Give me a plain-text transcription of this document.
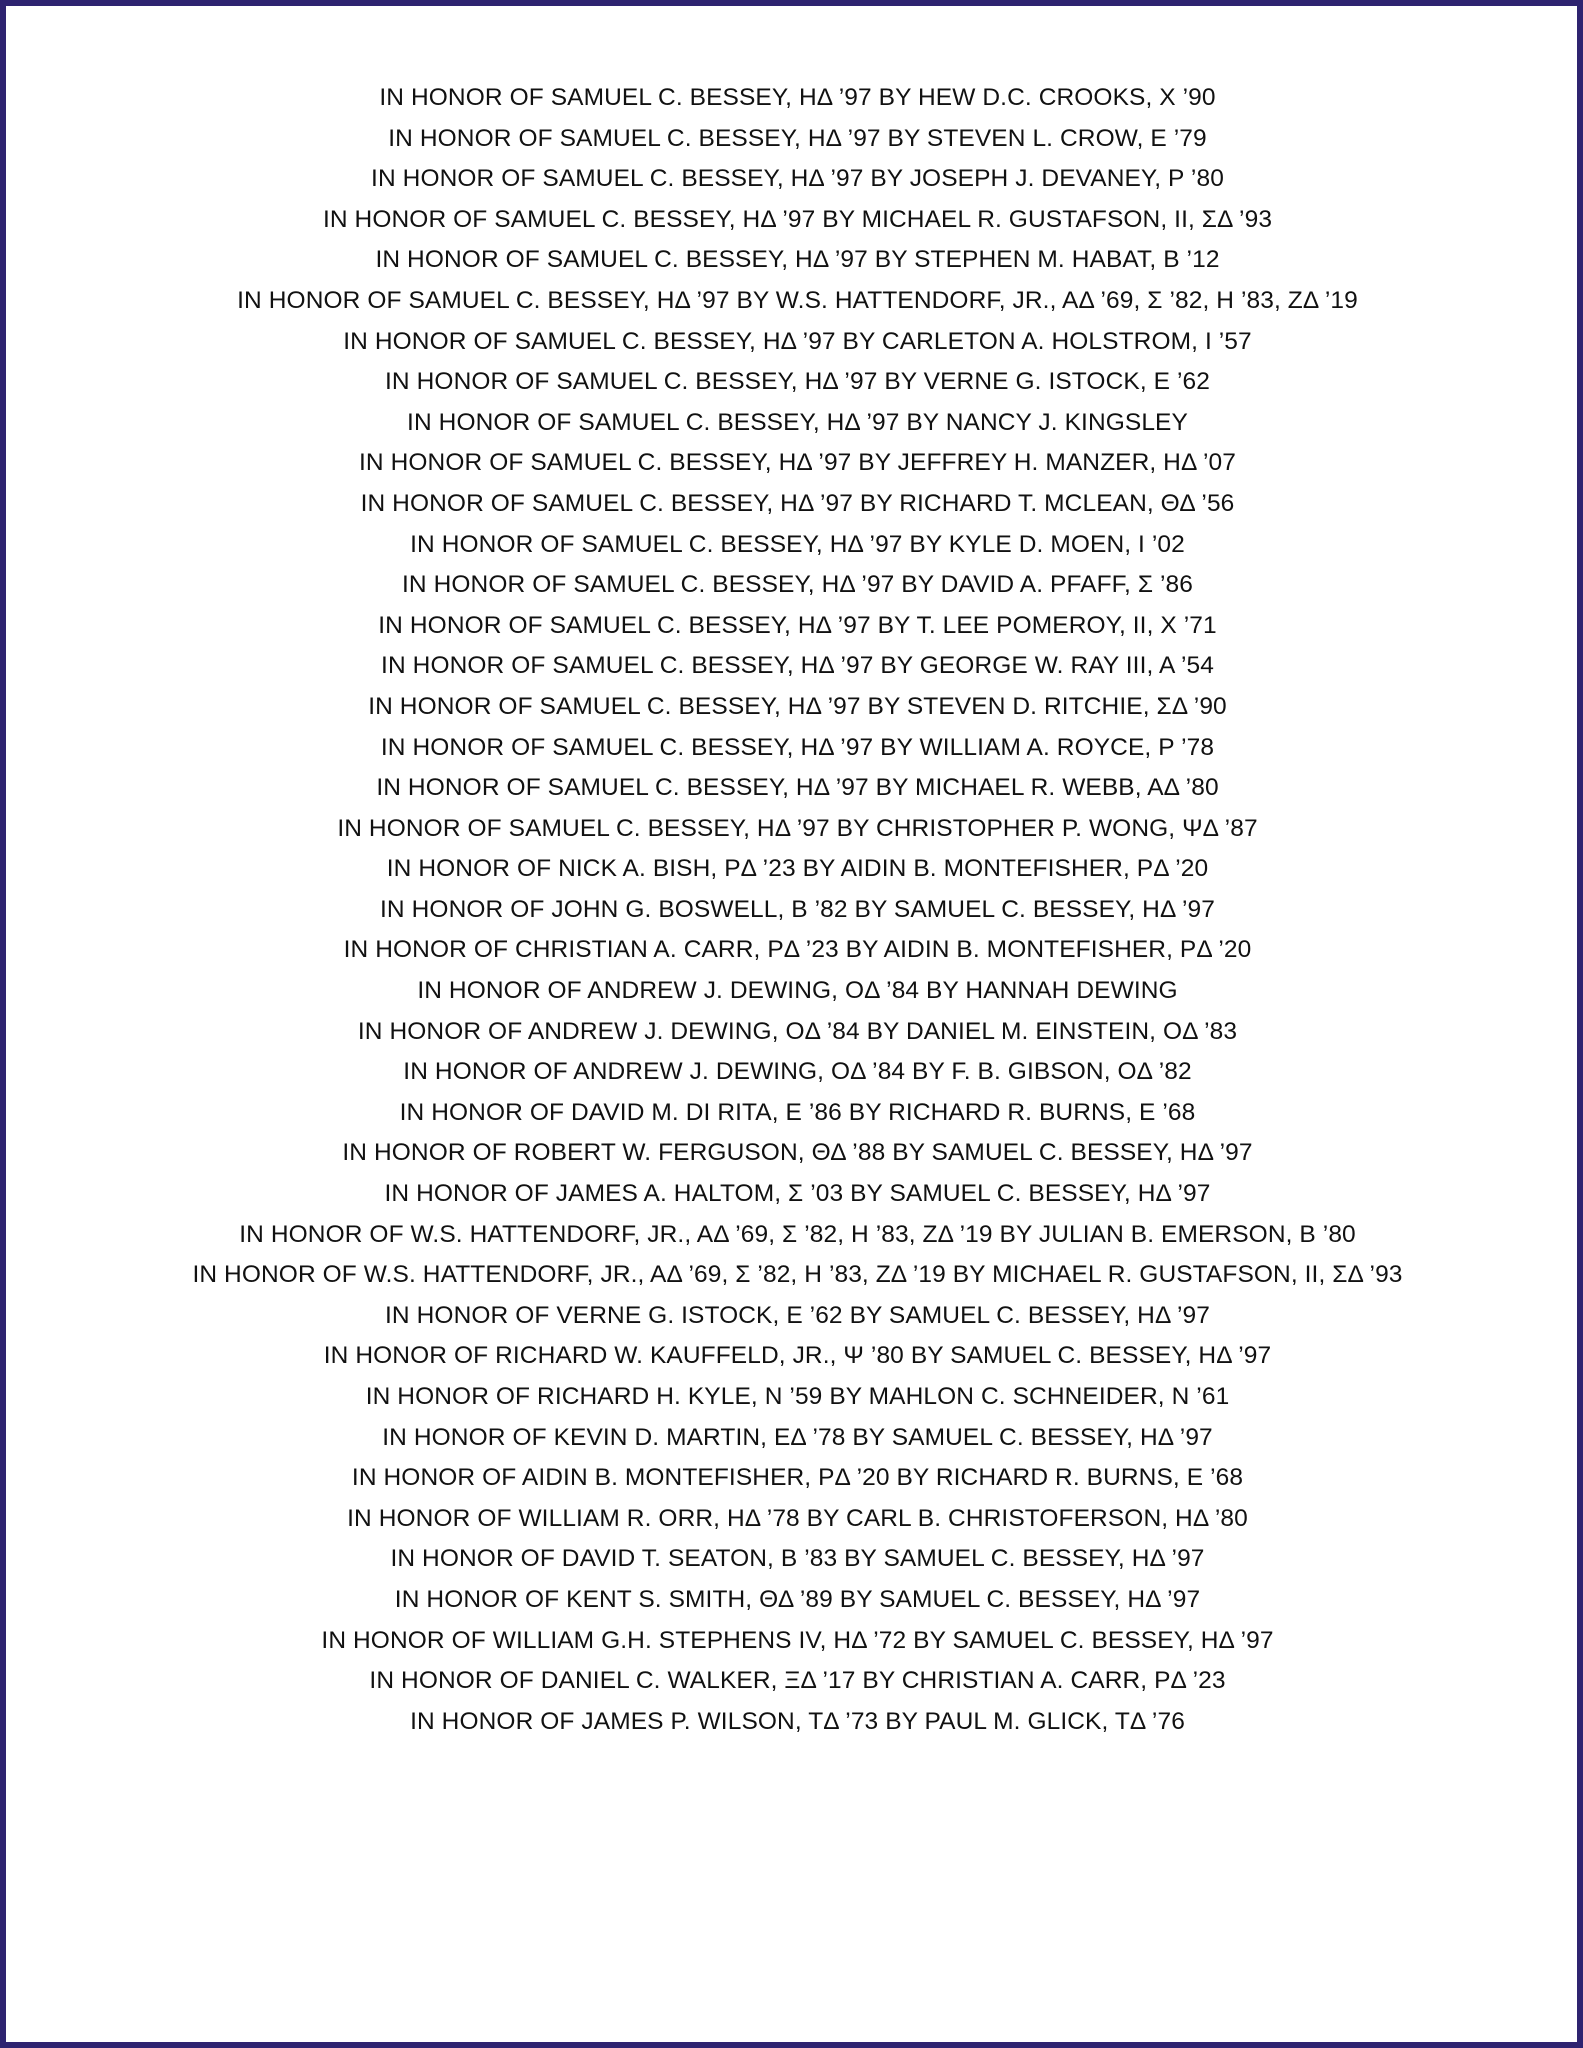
IN HONOR OF SAMUEL C. BESSEY, HΔ ’97 BY HEW D.C. CROOKS, X ’90
IN HONOR OF SAMUEL C. BESSEY, HΔ ’97 BY STEVEN L. CROW, E ’79
IN HONOR OF SAMUEL C. BESSEY, HΔ ’97 BY JOSEPH J. DEVANEY, P ’80
IN HONOR OF SAMUEL C. BESSEY, HΔ ’97 BY MICHAEL R. GUSTAFSON, II, ΣΔ ’93
IN HONOR OF SAMUEL C. BESSEY, HΔ ’97 BY STEPHEN M. HABAT, B ’12
IN HONOR OF SAMUEL C. BESSEY, HΔ ’97 BY W.S. HATTENDORF, JR., AΔ ’69, Σ ’82, H ’83, ZΔ ’19
IN HONOR OF SAMUEL C. BESSEY, HΔ ’97 BY CARLETON A. HOLSTROM, I ’57
IN HONOR OF SAMUEL C. BESSEY, HΔ ’97 BY VERNE G. ISTOCK, E ’62
IN HONOR OF SAMUEL C. BESSEY, HΔ ’97 BY NANCY J. KINGSLEY
IN HONOR OF SAMUEL C. BESSEY, HΔ ’97 BY JEFFREY H. MANZER, HΔ ’07
IN HONOR OF SAMUEL C. BESSEY, HΔ ’97 BY RICHARD T. MCLEAN, ΘΔ ’56
IN HONOR OF SAMUEL C. BESSEY, HΔ ’97 BY KYLE D. MOEN, I ’02
IN HONOR OF SAMUEL C. BESSEY, HΔ ’97 BY DAVID A. PFAFF, Σ ’86
IN HONOR OF SAMUEL C. BESSEY, HΔ ’97 BY T. LEE POMEROY, II, X ’71
IN HONOR OF SAMUEL C. BESSEY, HΔ ’97 BY GEORGE W. RAY III, A ’54
IN HONOR OF SAMUEL C. BESSEY, HΔ ’97 BY STEVEN D. RITCHIE, ΣΔ ’90
IN HONOR OF SAMUEL C. BESSEY, HΔ ’97 BY WILLIAM A. ROYCE, P ’78
IN HONOR OF SAMUEL C. BESSEY, HΔ ’97 BY MICHAEL R. WEBB, AΔ ’80
IN HONOR OF SAMUEL C. BESSEY, HΔ ’97 BY CHRISTOPHER P. WONG, ΨΔ ’87
IN HONOR OF NICK A. BISH, PΔ ’23 BY AIDIN B. MONTEFISHER, PΔ ’20
IN HONOR OF JOHN G. BOSWELL, B ’82 BY SAMUEL C. BESSEY, HΔ ’97
IN HONOR OF CHRISTIAN A. CARR, PΔ ’23 BY AIDIN B. MONTEFISHER, PΔ ’20
IN HONOR OF ANDREW J. DEWING, OΔ ’84 BY HANNAH DEWING
IN HONOR OF ANDREW J. DEWING, OΔ ’84 BY DANIEL M. EINSTEIN, OΔ ’83
IN HONOR OF ANDREW J. DEWING, OΔ ’84 BY F. B. GIBSON, OΔ ’82
IN HONOR OF DAVID M. DI RITA, E ’86 BY RICHARD R. BURNS, E ’68
IN HONOR OF ROBERT W. FERGUSON, ΘΔ ’88 BY SAMUEL C. BESSEY, HΔ ’97
IN HONOR OF JAMES A. HALTOM, Σ ’03 BY SAMUEL C. BESSEY, HΔ ’97
IN HONOR OF W.S. HATTENDORF, JR., AΔ ’69, Σ ’82, H ’83, ZΔ ’19 BY JULIAN B. EMERSON, B ’80
IN HONOR OF W.S. HATTENDORF, JR., AΔ ’69, Σ ’82, H ’83, ZΔ ’19 BY MICHAEL R. GUSTAFSON, II, ΣΔ ’93
IN HONOR OF VERNE G. ISTOCK, E ’62 BY SAMUEL C. BESSEY, HΔ ’97
IN HONOR OF RICHARD W. KAUFFELD, JR., Ψ ’80 BY SAMUEL C. BESSEY, HΔ ’97
IN HONOR OF RICHARD H. KYLE, N ’59 BY MAHLON C. SCHNEIDER, N ’61
IN HONOR OF KEVIN D. MARTIN, EΔ ’78 BY SAMUEL C. BESSEY, HΔ ’97
IN HONOR OF AIDIN B. MONTEFISHER, PΔ ’20 BY RICHARD R. BURNS, E ’68
IN HONOR OF WILLIAM R. ORR, HΔ ’78 BY CARL B. CHRISTOFERSON, HΔ ’80
IN HONOR OF DAVID T. SEATON, B ’83 BY SAMUEL C. BESSEY, HΔ ’97
IN HONOR OF KENT S. SMITH, ΘΔ ’89 BY SAMUEL C. BESSEY, HΔ ’97
IN HONOR OF WILLIAM G.H. STEPHENS IV, HΔ ’72 BY SAMUEL C. BESSEY, HΔ ’97
IN HONOR OF DANIEL C. WALKER, ΞΔ ’17 BY CHRISTIAN A. CARR, PΔ ’23
IN HONOR OF JAMES P. WILSON, TΔ ’73 BY PAUL M. GLICK, TΔ ’76
